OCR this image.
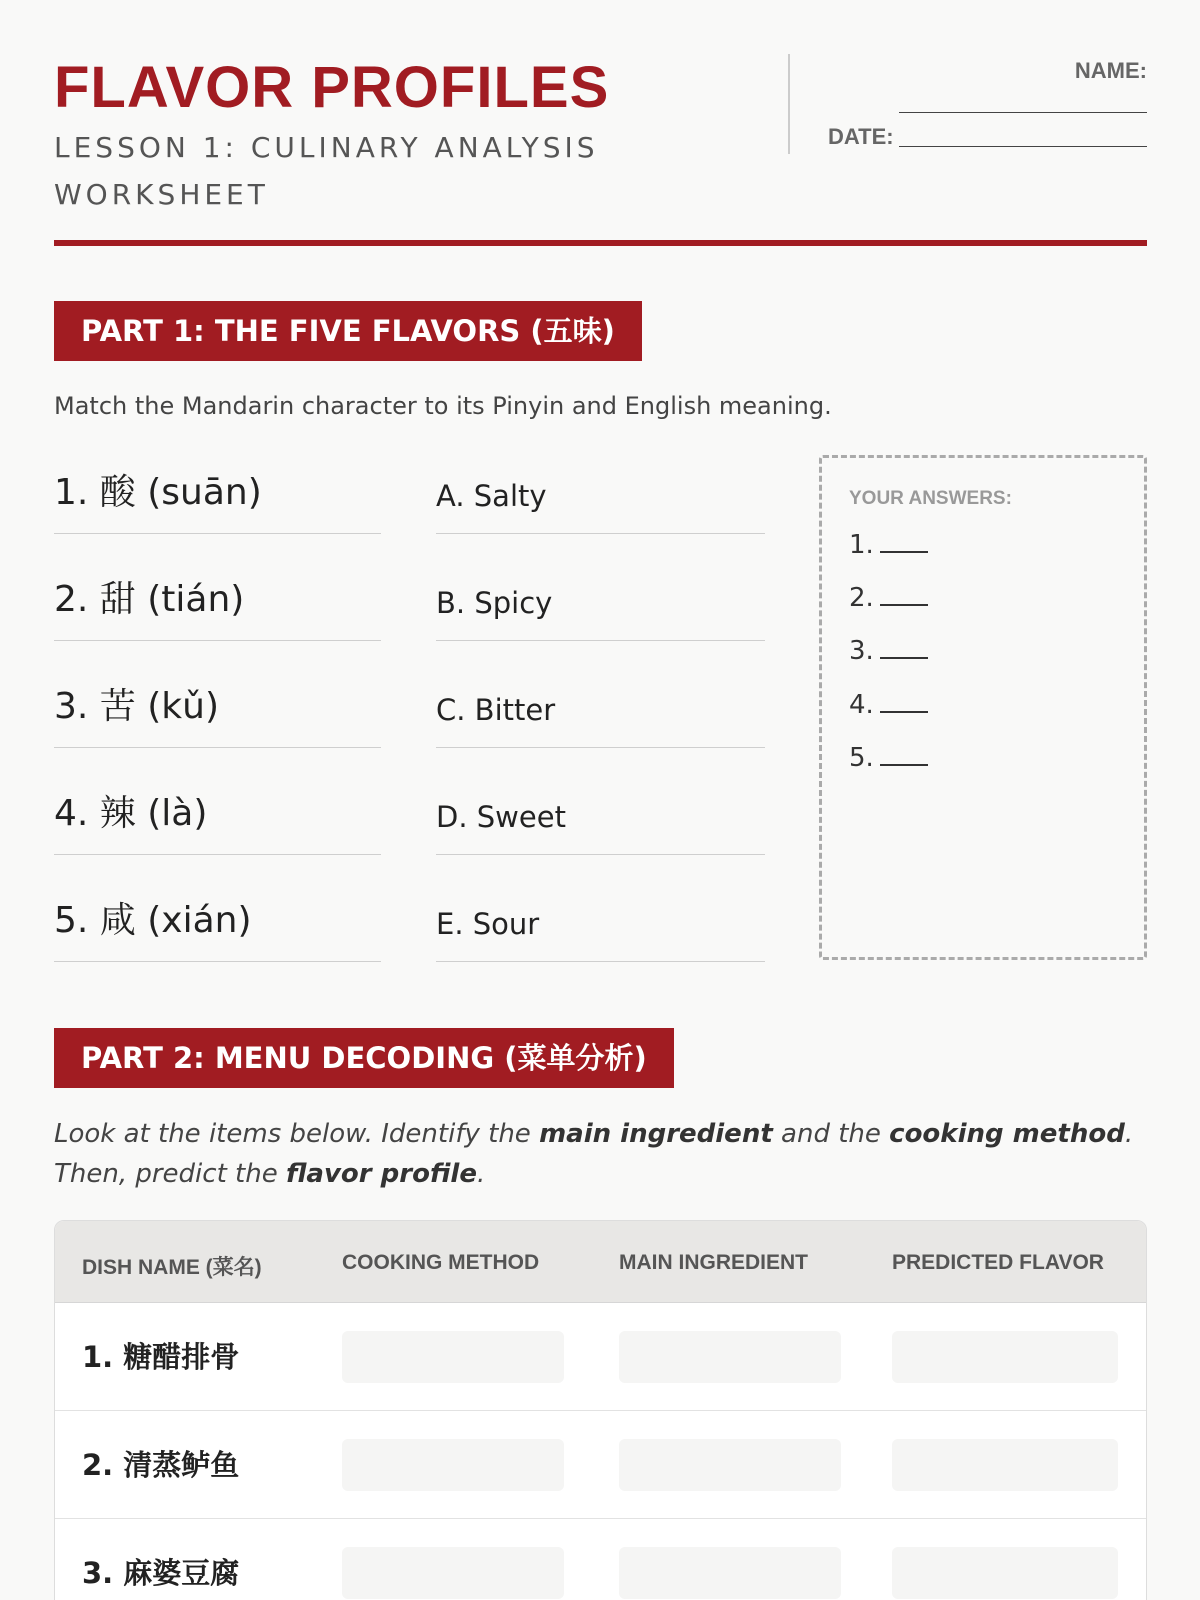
FLAVOR PROFILES
LESSON 1: CULINARY ANALYSIS WORKSHEET
NAME:
DATE:
PART 1: THE FIVE FLAVORS (五味)
Match the Mandarin character to its Pinyin and English meaning.
1. 酸 (suān)
2. 甜 (tián)
3. 苦 (kǔ)
4. 辣 (là)
5. 咸 (xián)
A. Salty
B. Spicy
C. Bitter
D. Sweet
E. Sour
YOUR ANSWERS:
1.
2.
3.
4.
5.
PART 2: MENU DECODING (菜单分析)
Look at the items below. Identify the main ingredient and the cooking method. Then, predict the flavor profile.
DISH NAME (菜名)	COOKING METHOD	MAIN INGREDIENT	PREDICTED FLAVOR
1. 糖醋排骨
2. 清蒸鲈鱼
3. 麻婆豆腐
